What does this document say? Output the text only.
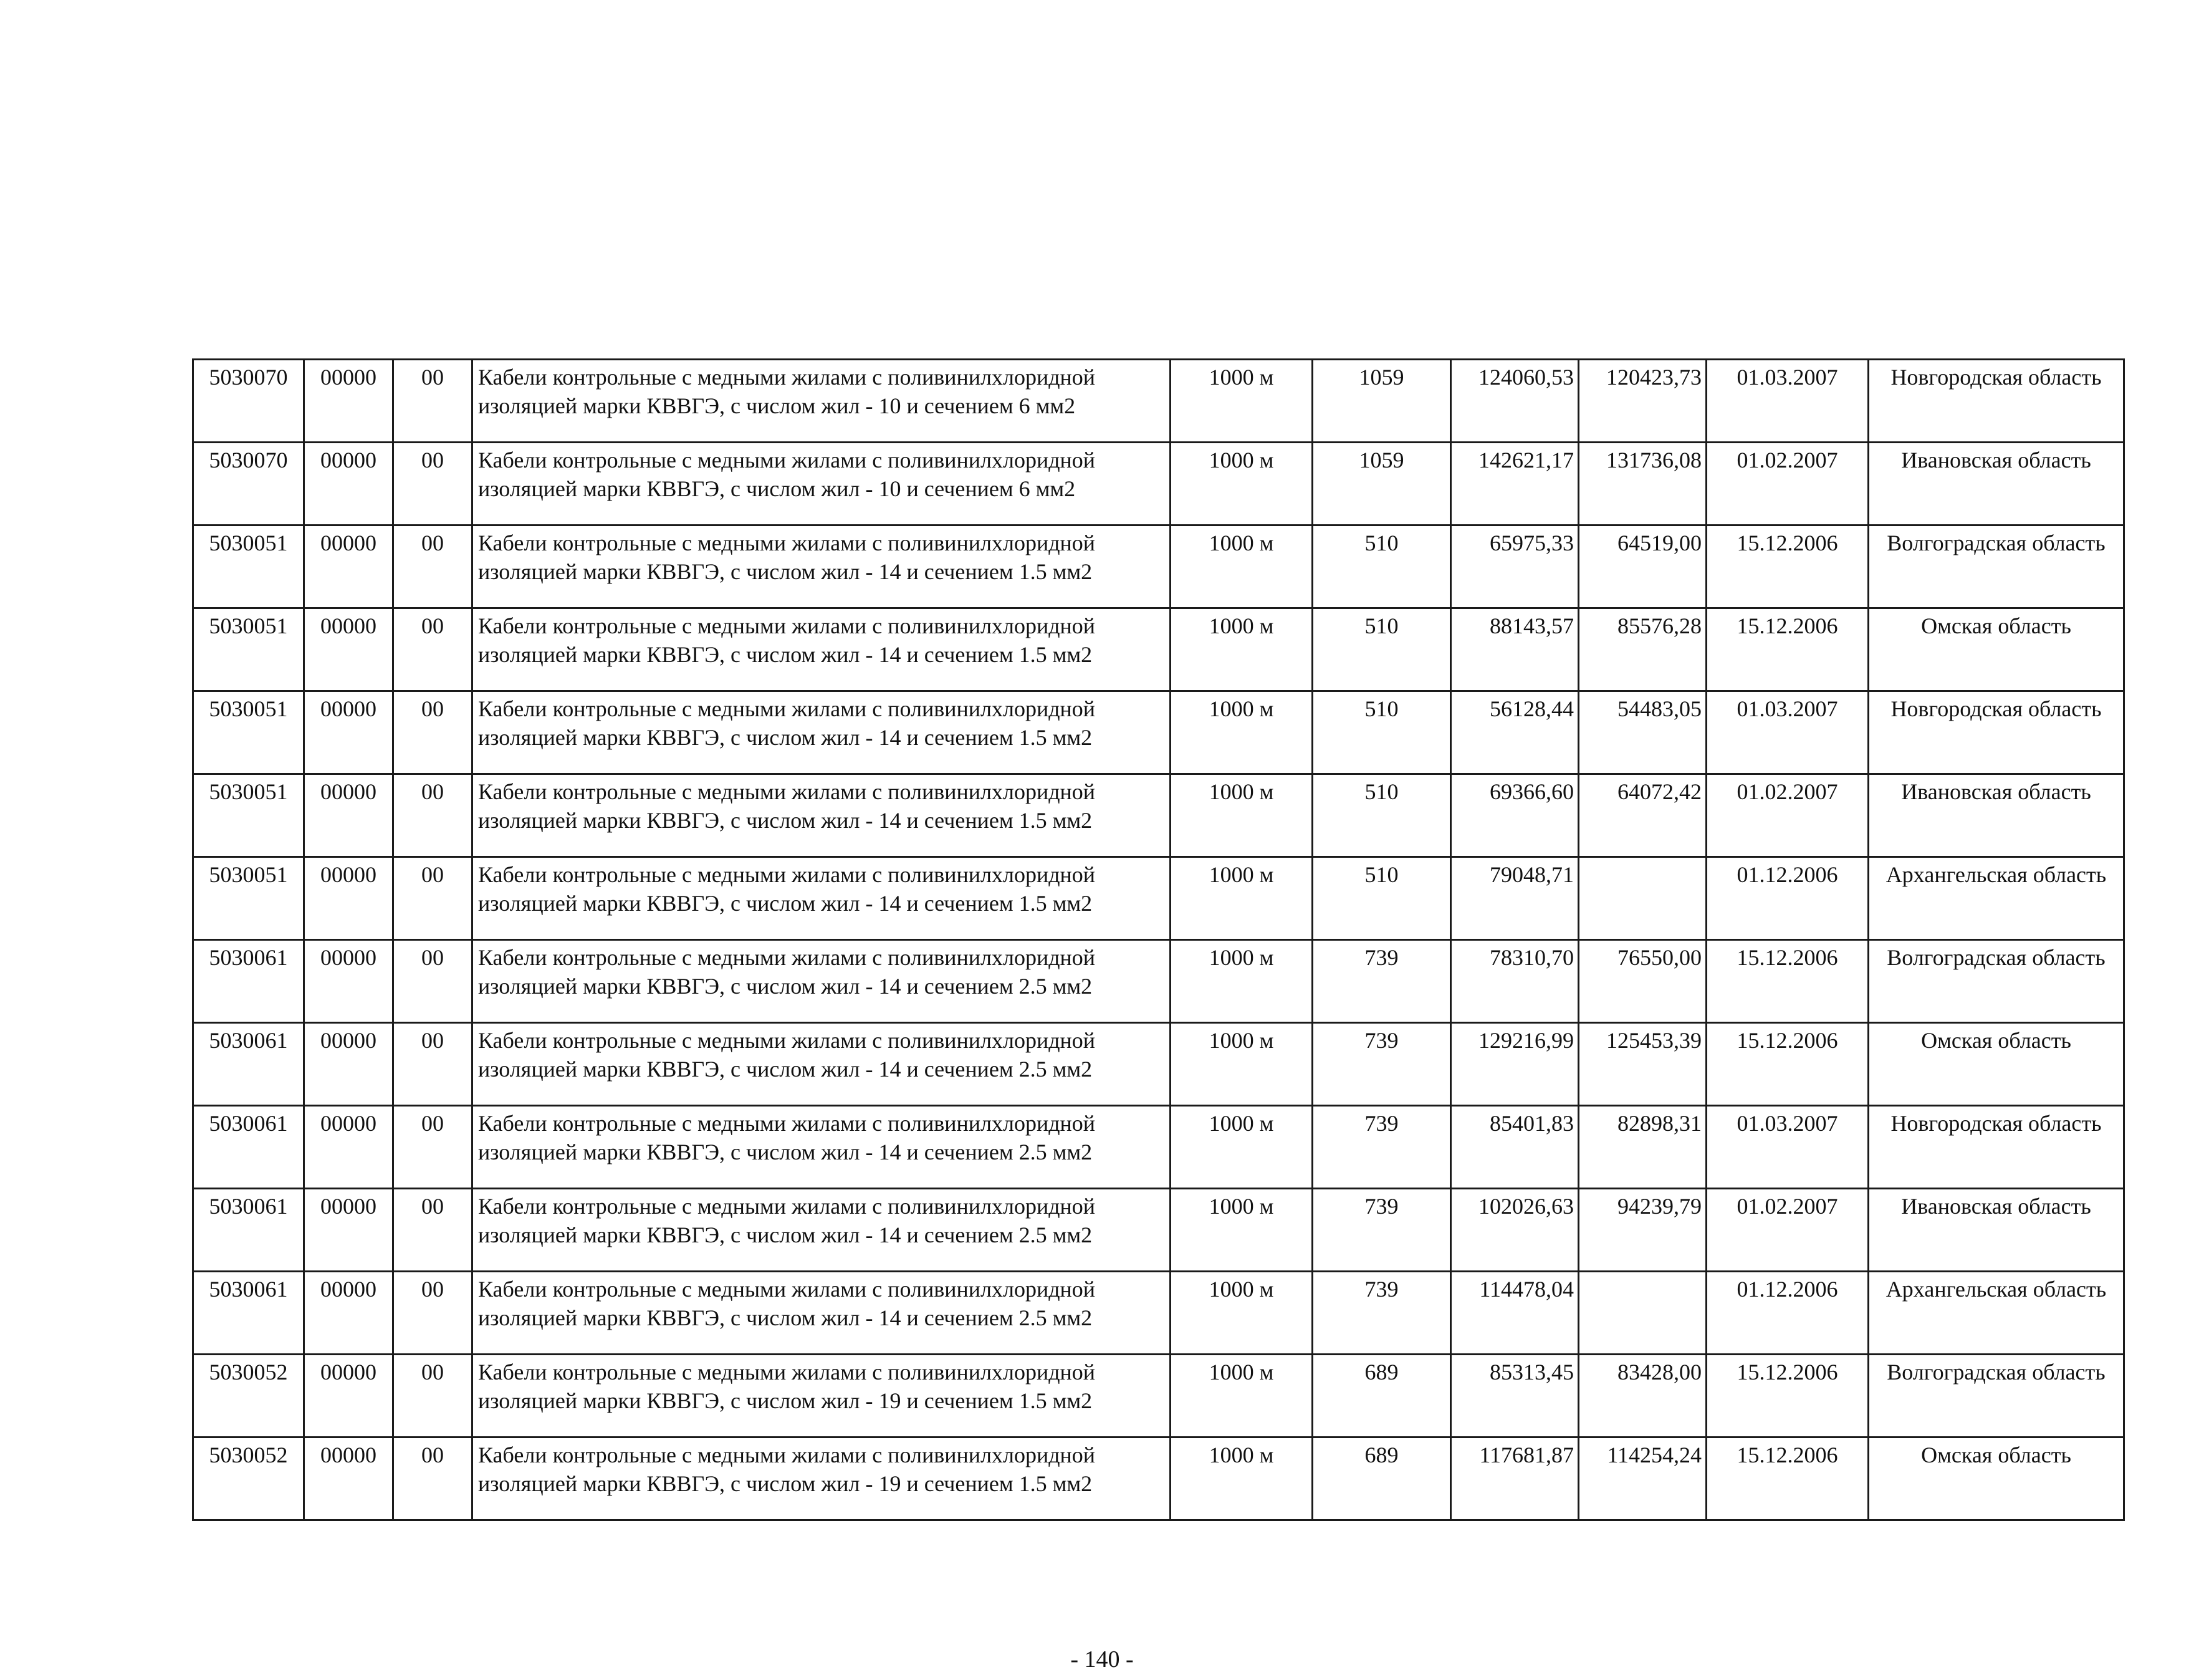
5030070	00000	00	Кабели контрольные с медными жилами с поливинилхлоридной изоляцией марки КВВГЭ, с числом жил - 10 и сечением 6 мм2	1000 м	1059	124060,53	120423,73	01.03.2007	Новгородская область
5030070	00000	00	Кабели контрольные с медными жилами с поливинилхлоридной изоляцией марки КВВГЭ, с числом жил - 10 и сечением 6 мм2	1000 м	1059	142621,17	131736,08	01.02.2007	Ивановская область
5030051	00000	00	Кабели контрольные с медными жилами с поливинилхлоридной изоляцией марки КВВГЭ, с числом жил - 14 и сечением 1.5 мм2	1000 м	510	65975,33	64519,00	15.12.2006	Волгоградская область
5030051	00000	00	Кабели контрольные с медными жилами с поливинилхлоридной изоляцией марки КВВГЭ, с числом жил - 14 и сечением 1.5 мм2	1000 м	510	88143,57	85576,28	15.12.2006	Омская область
5030051	00000	00	Кабели контрольные с медными жилами с поливинилхлоридной изоляцией марки КВВГЭ, с числом жил - 14 и сечением 1.5 мм2	1000 м	510	56128,44	54483,05	01.03.2007	Новгородская область
5030051	00000	00	Кабели контрольные с медными жилами с поливинилхлоридной изоляцией марки КВВГЭ, с числом жил - 14 и сечением 1.5 мм2	1000 м	510	69366,60	64072,42	01.02.2007	Ивановская область
5030051	00000	00	Кабели контрольные с медными жилами с поливинилхлоридной изоляцией марки КВВГЭ, с числом жил - 14 и сечением 1.5 мм2	1000 м	510	79048,71		01.12.2006	Архангельская область
5030061	00000	00	Кабели контрольные с медными жилами с поливинилхлоридной изоляцией марки КВВГЭ, с числом жил - 14 и сечением 2.5 мм2	1000 м	739	78310,70	76550,00	15.12.2006	Волгоградская область
5030061	00000	00	Кабели контрольные с медными жилами с поливинилхлоридной изоляцией марки КВВГЭ, с числом жил - 14 и сечением 2.5 мм2	1000 м	739	129216,99	125453,39	15.12.2006	Омская область
5030061	00000	00	Кабели контрольные с медными жилами с поливинилхлоридной изоляцией марки КВВГЭ, с числом жил - 14 и сечением 2.5 мм2	1000 м	739	85401,83	82898,31	01.03.2007	Новгородская область
5030061	00000	00	Кабели контрольные с медными жилами с поливинилхлоридной изоляцией марки КВВГЭ, с числом жил - 14 и сечением 2.5 мм2	1000 м	739	102026,63	94239,79	01.02.2007	Ивановская область
5030061	00000	00	Кабели контрольные с медными жилами с поливинилхлоридной изоляцией марки КВВГЭ, с числом жил - 14 и сечением 2.5 мм2	1000 м	739	114478,04		01.12.2006	Архангельская область
5030052	00000	00	Кабели контрольные с медными жилами с поливинилхлоридной изоляцией марки КВВГЭ, с числом жил - 19 и сечением 1.5 мм2	1000 м	689	85313,45	83428,00	15.12.2006	Волгоградская область
5030052	00000	00	Кабели контрольные с медными жилами с поливинилхлоридной изоляцией марки КВВГЭ, с числом жил - 19 и сечением 1.5 мм2	1000 м	689	117681,87	114254,24	15.12.2006	Омская область
- 140 -
